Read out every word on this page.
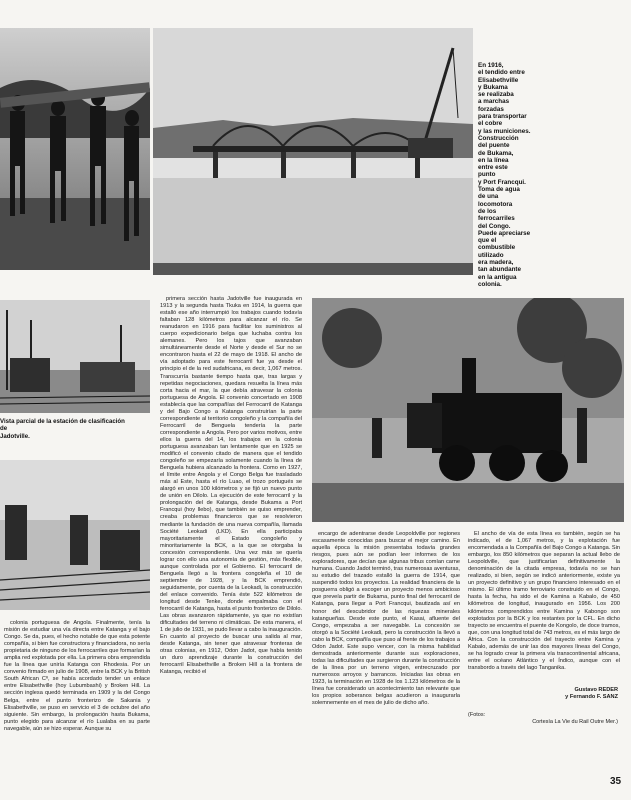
En 1916,
el tendido entre
Elisabethville
y Bukama
se realizaba
a marchas
forzadas
para transportar
el cobre
y las municiones.
Construcción
del puente
de Bukama,
en la línea
entre este
punto
y Port Francqui.
Toma de agua
de una
locomotora
de los
ferrocarriles
del Congo.
Puede apreciarse
que el
combustible
utilizado
era madera,
tan abundante
en la antigua
colonia.
Vista parcial de la estación de clasificación
de
Jadotville.

colonia portuguesa de Angola. Finalmente, tenía la misión de estudiar una vía directa entre Katanga y el bajo Congo. Se da, pues, el hecho notable de que esta potente compañía, si bien fue constructora y financiadora, no sería propietaria de ninguno de los ferrocarriles que formarían la amplia red explotada por ella. La primera obra emprendida fue la línea que uniría Katanga con Rhodesia. Por un convenio firmado en julio de 1908, entre la BCK y la British South African Cº, se había acordado tender un enlace entre Elisabethville (hoy Lubumbashi) y Broken Hill. La sección inglesa quedó terminada en 1909 y la del Congo Belga, entre el punto fronterizo de Sakania y Elisabethville, se puso en servicio el 3 de octubre del año siguiente. Sin embargo, la prolongación hasta Bukama, punto elegido para alcanzar el río Lualaba en su parte navegable, aún se hizo esperar. Aunque su

primera sección hasta Jadotville fue inaugurada en 1913 y la segunda hasta Tkuka en 1914, la guerra que estalló ese año interrumpió los trabajos cuando todavía faltaban 128 kilómetros para alcanzar el río. Se reanudaron en 1916 para facilitar los suministros al cuerpo expedicionario belga que luchaba contra los alemanes. Pero los tajos que avanzaban simultáneamente desde el Norte y desde el Sur no se encontraron hasta el 22 de mayo de 1918. El ancho de vía adoptado para este ferrocarril fue ya desde el principio el de la red sudafricana, es decir, 1,067 metros. Transcurría bastante tiempo hasta que, tras largas y repetidas negociaciones, quedara resuelta la línea más corta hacia el mar, la que debía atravesar la colonia portuguesa de Angola. El convenio concertado en 1908 establecía que las compañías del Ferrocarril de Katanga y del Bajo Congo a Katanga construirían la parte correspondiente al territorio congoleño y la compañía del Ferrocarril de Benguela tendería la parte correspondiente a Angola. Pero por varios motivos, entre ellos la guerra del 14, los trabajos en la colonia portuguesa avanzaban tan lentamente que en 1925 se modificó el convenio citado de manera que el tendido congoleño se empezaría solamente cuando la línea de Benguela hubiera alcanzado la frontera. Como en 1927, el límite entre Angola y el Congo Belga fue trasladado más al Este, hasta el río Luao, el trozo portugués se alargó en unos 100 kilómetros y se fijó un nuevo punto de unión en Dilolo. La ejecución de este ferrocarril y la prolongación del de Katanga, desde Bukama a Port Francqui (hoy Ilebo), que también se quiso emprender, creaba problemas financieros que se resolvieron mediante la fundación de una nueva compañía, llamada Société Leokadi (LKD). En ella participaba mayoritariamente el Estado congoleño y minoritariamente la BCK, a la que se otorgaba la concesión correspondiente. Una vez más se quería lograr con ello una autonomía de gestión, más flexible, aunque controlada por el Gobierno. El ferrocarril de Benguela llegó a la frontera congoleña el 10 de septiembre de 1928, y la BCK emprendió, seguidamente, por cuenta de la Leokadi, la construcción del enlace convenido. Tenía éste 522 kilómetros de longitud desde Tenke, donde empalmaba con el ferrocarril de Katanga, hasta el punto fronterizo de Dilolo. Las obras avanzaron rápidamente, ya que no existían dificultades del terreno ni climáticas. De esta manera, el 1 de julio de 1931, se pudo llevar a cabo la inauguración. En cuanto al proyecto de buscar una salida al mar, desde Katanga, sin tener que atravesar fronteras de otras colonias, en 1912, Odon Jadot, que había tenido un duro aprendizaje durante la construcción del ferrocarril Elisabethville a Broken Hill a la frontera de Katanga, recibió el

encargo de adentrarse desde Leopoldville por regiones escasamente conocidas para buscar el mejor camino. En aquella época la misión presentaba todavía grandes riesgos, pues aún se podían leer informes de los exploradores, que decían que algunas tribus comían carne humana. Cuando Jadot terminó, tras numerosas aventuras, su estudio del trazado estalló la guerra de 1914, que suspendió todos los proyectos. La realidad financiera de la posguerra obligó a escoger un proyecto menos ambicioso que preveía partir de Bukama, punto final del ferrocarril de Katanga, para llegar a Port Francqui, bautizada así en honor del descubridor de las riquezas minerales katangueñas. Desde este punto, el Kasai, afluente del Congo, empezaba a ser navegable. La concesión se otorgó a la Société Leokadi, pero la construcción la llevó a cabo la BCK, compañía que puso al frente de los trabajos a Odon Jadot. Este supo vencer, con la misma habilidad demostrada anteriormente durante sus exploraciones, todas las dificultades que surgieron durante la construcción de la línea por un terreno virgen, entrecruzado por numerosos arroyos y barrancos. Iniciadas las obras en 1923, la terminación en 1928 de los 1.123 kilómetros de la línea fue considerado un acontecimiento tan relevante que los propios soberanos belgas acudieron a inaugurarla solemnemente en el mes de julio de dicho año.

El ancho de vía de esta línea es también, según se ha indicado, el de 1,067 metros, y la explotación fue encomendada a la Compañía del Bajo Congo a Katanga. Sin embargo, los 850 kilómetros que separan la actual Ilebo de Leopoldville, que justificarían definitivamente la denominación de la citada empresa, todavía no se han realizado, si bien, según se indicó anteriormente, existe ya un proyecto definitivo y un grupo financiero interesado en el mismo. El último tramo ferroviario construido en el Congo, hasta la fecha, ha sido el de Kamina a Kabalo, de 450 kilómetros de longitud, inaugurado en 1956. Los 200 kilómetros comprendidos entre Kamina y Kabongo son explotados por la BCK y los restantes por la CFL. En dicho trayecto se encuentra el puente de Kongolo, de doce tramos, que, con una longitud total de 743 metros, es el más largo de África. Con la construcción del trayecto entre Kamina y Kabalo, además de unir las dos mayores líneas del Congo, se ha logrado crear la primera vía transcontinental africana, entre el océano Atlántico y el Índico, aunque con el transbordo a través del lago Tanganika.

Gustavo REDER
y Fernando F. SANZ
(Fotos:
Cortesía La Vie du Rail Outre Mer.)
35
